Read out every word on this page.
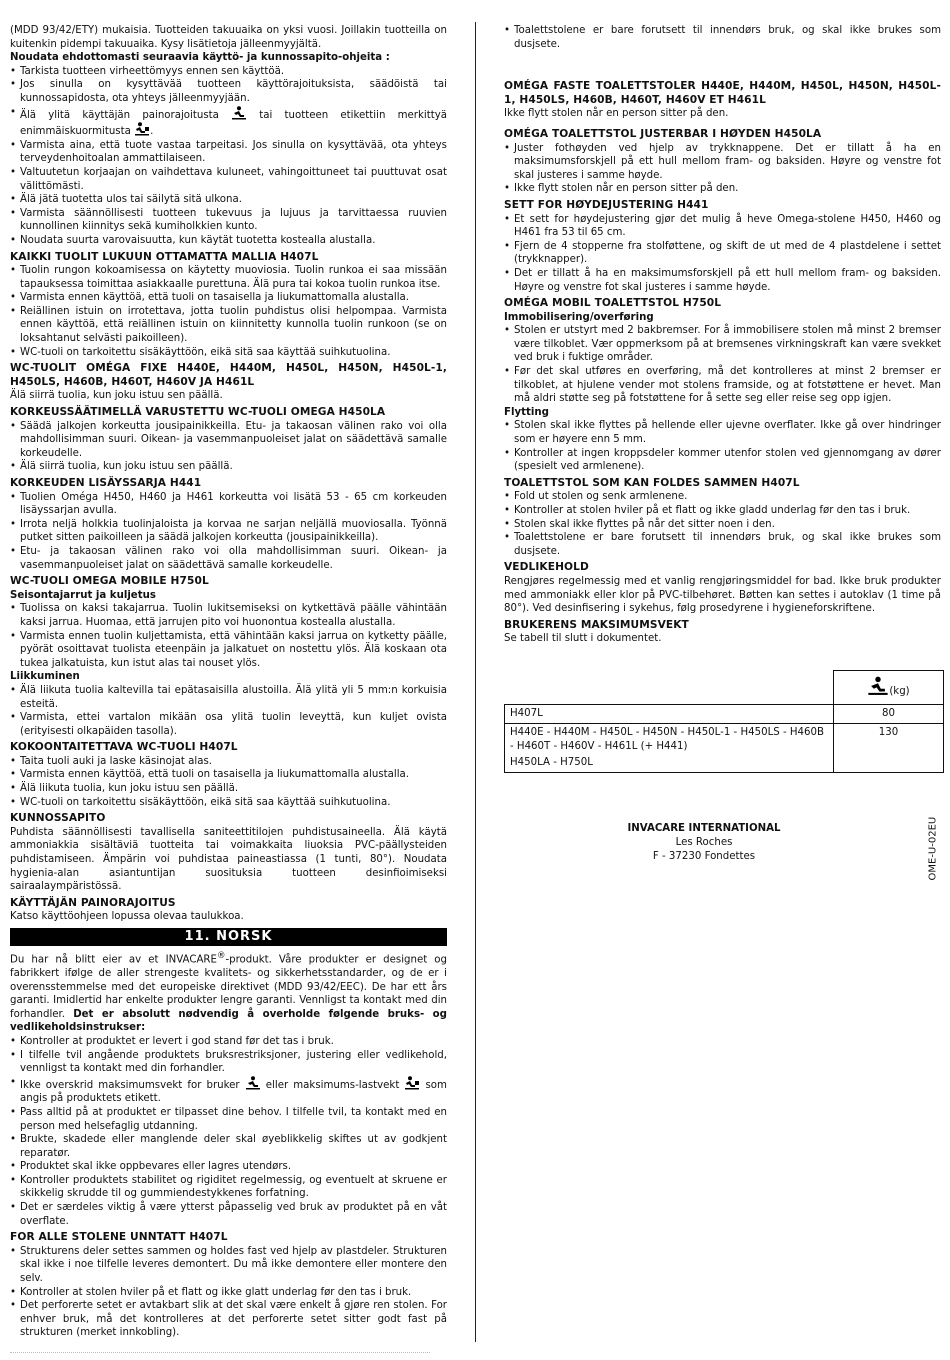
(MDD 93/42/ETY) mukaisia. Tuotteiden takuuaika on yksi vuosi. Joillakin tuotteilla on kuitenkin pidempi takuuaika. Kysy lisätietoja jälleenmyyjältä.

Noudata ehdottomasti seuraavia käyttö- ja kunnossapito-ohjeita :

• Tarkista tuotteen virheettömyys ennen sen käyttöä.
• Jos sinulla on kysyttävää tuotteen käyttörajoituksista, säädöistä tai kunnossapidosta, ota yhteys jälleenmyyjään.
• Älä ylitä käyttäjän painorajoitusta	tai tuotteen etikettiin merkittyä enimmäiskuormitusta .
• Varmista aina, että tuote vastaa tarpeitasi. Jos sinulla on kysyttävää, ota yhteys terveydenhoitoalan ammattilaiseen.
• Valtuutetun korjaajan on vaihdettava kuluneet, vahingoittuneet tai puuttuvat osat välittömästi.
• Älä jätä tuotetta ulos tai säilytä sitä ulkona.
• Varmista säännöllisesti tuotteen tukevuus ja lujuus ja tarvittaessa ruuvien kunnollinen kiinnitys sekä kumiholkkien kunto.
• Noudata suurta varovaisuutta, kun käytät tuotetta kostealla alustalla.

KAIKKI TUOLIT LUKUUN OTTAMATTA MALLIA H407L

• Tuolin rungon kokoamisessa on käytetty muoviosia. Tuolin runkoa ei saa missään tapauksessa toimittaa asiakkaalle purettuna. Älä pura tai kokoa tuolin runkoa itse.
• Varmista ennen käyttöä, että tuoli on tasaisella ja liukumattomalla alustalla.
• Reiällinen istuin on irrotettava, jotta tuolin puhdistus olisi helpompaa. Varmista ennen käyttöä, että reiällinen istuin on kiinnitetty kunnolla tuolin runkoon (se on loksahtanut selvästi paikoilleen).
• WC-tuoli on tarkoitettu sisäkäyttöön, eikä sitä saa käyttää suihkutuolina.

WC-TUOLIT OMÉGA FIXE H440E, H440M, H450L, H450N, H450L-1, H450LS, H460B, H460T, H460V JA H461L

Älä siirrä tuolia, kun joku istuu sen päällä.

KORKEUSSÄÄTIMELLÄ VARUSTETTU WC-TUOLI OMEGA H450LA

• Säädä jalkojen korkeutta jousipainikkeilla. Etu- ja takaosan välinen rako voi olla mahdollisimman suuri. Oikean- ja vasemmanpuoleiset jalat on säädettävä samalle korkeudelle.
• Älä siirrä tuolia, kun joku istuu sen päällä.

KORKEUDEN LISÄYSSARJA H441

• Tuolien Oméga H450, H460 ja H461 korkeutta voi lisätä 53 - 65 cm korkeuden lisäyssarjan avulla.
• Irrota neljä holkkia tuolinjaloista ja korvaa ne sarjan neljällä muoviosalla. Työnnä putket sitten paikoilleen ja säädä jalkojen korkeutta (jousipainikkeilla).
• Etu- ja takaosan välinen rako voi olla mahdollisimman suuri. Oikean- ja vasemmanpuoleiset jalat on säädettävä samalle korkeudelle.

WC-TUOLI OMEGA MOBILE H750L

Seisontajarrut ja kuljetus

• Tuolissa on kaksi takajarrua. Tuolin lukitsemiseksi on kytkettävä päälle vähintään kaksi jarrua. Huomaa, että jarrujen pito voi huonontua kostealla alustalla.
• Varmista ennen tuolin kuljettamista, että vähintään kaksi jarrua on kytketty päälle, pyörät osoittavat tuolista eteenpäin ja jalkatuet on nostettu ylös. Älä koskaan ota tukea jalkatuista, kun istut alas tai nouset ylös.

Liikkuminen

• Älä liikuta tuolia kaltevilla tai epätasaisilla alustoilla. Älä ylitä yli 5 mm:n korkuisia esteitä.
• Varmista, ettei vartalon mikään osa ylitä tuolin leveyttä, kun kuljet ovista (erityisesti olkapäiden tasolla).

KOKOONTAITETTAVA WC-TUOLI H407L

• Taita tuoli auki ja laske käsinojat alas.
• Varmista ennen käyttöä, että tuoli on tasaisella ja liukumattomalla alustalla.
• Älä liikuta tuolia, kun joku istuu sen päällä.
• WC-tuoli on tarkoitettu sisäkäyttöön, eikä sitä saa käyttää suihkutuolina.

KUNNOSSAPITO

Puhdista säännöllisesti tavallisella saniteettitilojen puhdistusaineella. Älä käytä ammoniakkia sisältäviä tuotteita tai voimakkaita liuoksia PVC-päällysteiden puhdistamiseen. Ämpärin voi puhdistaa paineastiassa (1 tunti, 80°). Noudata hygienia-alan asiantuntijan suosituksia tuotteen desinfioimiseksi sairaalaympäristössä.

KÄYTTÄJÄN PAINORAJOITUS

Katso käyttöohjeen lopussa olevaa taulukkoa.

11. NORSK

Du har nå blitt eier av et INVACARE®-produkt. Våre produkter er designet og fabrikkert ifølge de aller strengeste kvalitets- og sikkerhetsstandarder, og de er i overensstemmelse med det europeiske direktivet (MDD 93/42/EEC). De har ett års garanti. Imidlertid har enkelte produkter lengre garanti. Vennligst ta kontakt med din forhandler. Det er absolutt nødvendig å overholde følgende bruks- og vedlikeholdsinstrukser:

• Kontroller at produktet er levert i god stand før det tas i bruk.
• I tilfelle tvil angående produktets bruksrestriksjoner, justering eller vedlikehold, vennligst ta kontakt med din forhandler.
• Ikke overskrid maksimumsvekt for bruker	eller maksimums-lastvekt	som angis på produktets etikett.
• Pass alltid på at produktet er tilpasset dine behov. I tilfelle tvil, ta kontakt med en person med helsefaglig utdanning.
• Brukte, skadede eller manglende deler skal øyeblikkelig skiftes ut av godkjent reparatør.
• Produktet skal ikke oppbevares eller lagres utendørs.
• Kontroller produktets stabilitet og rigiditet regelmessig, og eventuelt at skruene er skikkelig skrudde til og gummiendestykkenes forfatning.
• Det er særdeles viktig å være ytterst påpasselig ved bruk av produktet på en våt overflate.

FOR ALLE STOLENE UNNTATT H407L

• Strukturens deler settes sammen og holdes fast ved hjelp av plastdeler. Strukturen skal ikke i noe tilfelle leveres demontert. Du må ikke demontere eller montere den selv.
• Kontroller at stolen hviler på et flatt og ikke glatt underlag før den tas i bruk.
• Det perforerte setet er avtakbart slik at det skal være enkelt å gjøre ren stolen. For enhver bruk, må det kontrolleres at det perforerte setet sitter godt fast på strukturen (merket innkobling).
• Toalettstolene er bare forutsett til innendørs bruk, og skal ikke brukes som dusjsete.

OMÉGA FASTE TOALETTSTOLER H440E, H440M, H450L, H450N, H450L-1, H450LS, H460B, H460T, H460V ET H461L

Ikke flytt stolen når en person sitter på den.

OMÉGA TOALETTSTOL JUSTERBAR I HØYDEN H450LA

• Juster fothøyden ved hjelp av trykknappene. Det er tillatt å ha en maksimumsforskjell på ett hull mellom fram- og baksiden. Høyre og venstre fot skal justeres i samme høyde.
• Ikke flytt stolen når en person sitter på den.

SETT FOR HØYDEJUSTERING H441

• Et sett for høydejustering gjør det mulig å heve Omega-stolene H450, H460 og H461 fra 53 til 65 cm.
• Fjern de 4 stopperne fra stolføttene, og skift de ut med de 4 plastdelene i settet (trykknapper).
• Det er tillatt å ha en maksimumsforskjell på ett hull mellom fram- og baksiden. Høyre og venstre fot skal justeres i samme høyde.

OMÉGA MOBIL TOALETTSTOL H750L

Immobilisering/overføring

• Stolen er utstyrt med 2 bakbremser. For å immobilisere stolen må minst 2 bremser være tilkoblet. Vær oppmerksom på at bremsenes virkningskraft kan være svekket ved bruk i fuktige områder.
• Før det skal utføres en overføring, må det kontrolleres at minst 2 bremser er tilkoblet, at hjulene vender mot stolens framside, og at fotstøttene er hevet. Man må aldri støtte seg på fotstøttene for å sette seg eller reise seg opp igjen.

Flytting

• Stolen skal ikke flyttes på hellende eller ujevne overflater. Ikke gå over hindringer som er høyere enn 5 mm.
• Kontroller at ingen kroppsdeler kommer utenfor stolen ved gjennomgang av dører (spesielt ved armlenene).

TOALETTSTOL SOM KAN FOLDES SAMMEN H407L

• Fold ut stolen og senk armlenene.
• Kontroller at stolen hviler på et flatt og ikke gladd underlag før den tas i bruk.
• Stolen skal ikke flyttes på når det sitter noen i den.
• Toalettstolene er bare forutsett til innendørs bruk, og skal ikke brukes som dusjsete.

VEDLIKEHOLD

Rengjøres regelmessig med et vanlig rengjøringsmiddel for bad. Ikke bruk produkter med ammoniakk eller klor på PVC-tilbehøret. Bøtten kan settes i autoklav (1 time på 80°). Ved desinfisering i sykehus, følg prosedyrene i hygieneforskriftene.

BRUKERENS MAKSIMUMSVEKT

Se tabell til slutt i dokumentet.

	(kg)
H407L	80

H440E - H440M - H450L - H450N - H450L-1 - H450LS - H460B - H460T - H460V - H461L (+ H441)
H450LA - H750L	130
INVACARE INTERNATIONAL
Les Roches
F - 37230 Fondettes	OME-U-02EU
